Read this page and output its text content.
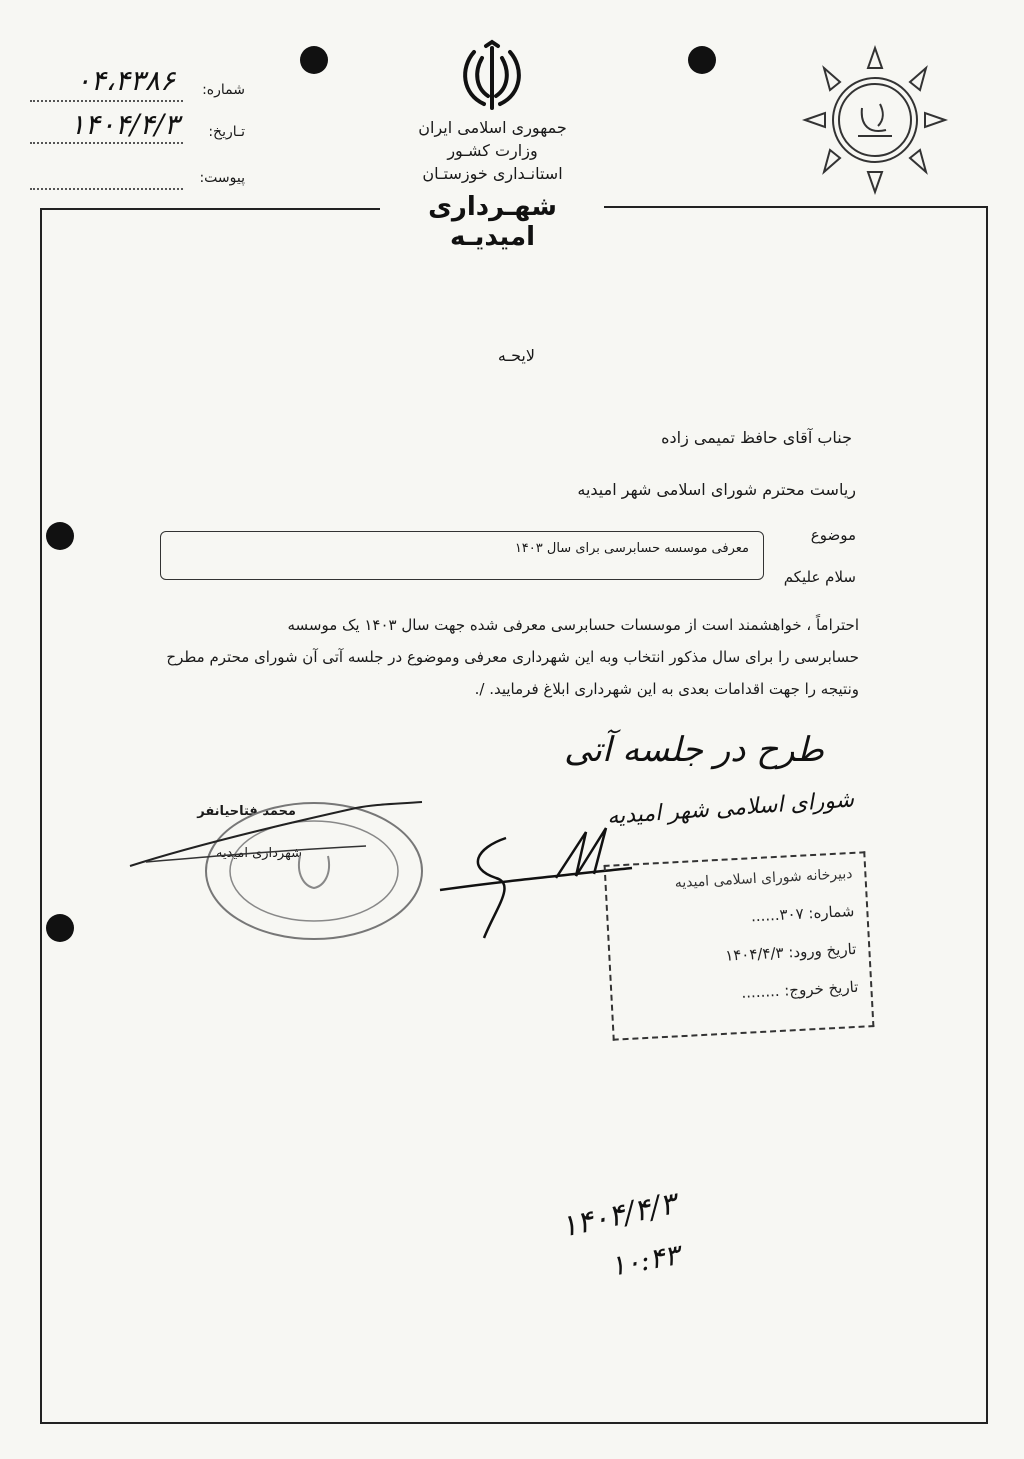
جمهوری اسلامی ایران
وزارت کشـور
استانـداری خوزستـان
شماره:
۰۴،۴۳۸۶
تـاریخ:
۱۴۰۴/۴/۳
پیوست:
شهـرداری امیدیـه
لایحـه
جناب آقای حافظ تمیمی زاده
ریاست محترم شورای اسلامی شهر امیدیه
موضوع
معرفی موسسه حسابرسی برای سال ۱۴۰۳
سلام علیکم
احتراماً ، خواهشمند است از موسسات حسابرسی معرفی شده جهت سال ۱۴۰۳ یک موسسه
حسابرسی را برای سال مذکور انتخاب وبه این شهرداری معرفی وموضوع در جلسه آتی آن شورای محترم مطرح
ونتیجه را جهت اقدامات بعدی به این شهرداری ابلاغ فرمایید. /.
محمد فتاحیانفر
شهرداری امیدیه
طرح در جلسه آتی
شورای اسلامی شهر امیدیه
دبیرخانه شورای اسلامی امیدیه
شماره: ۳۰۷......
تاریخ ورود: ۱۴۰۴/۴/۳
تاریخ خروج: ........
۱۴۰۴/۴/۳
۱۰:۴۳
